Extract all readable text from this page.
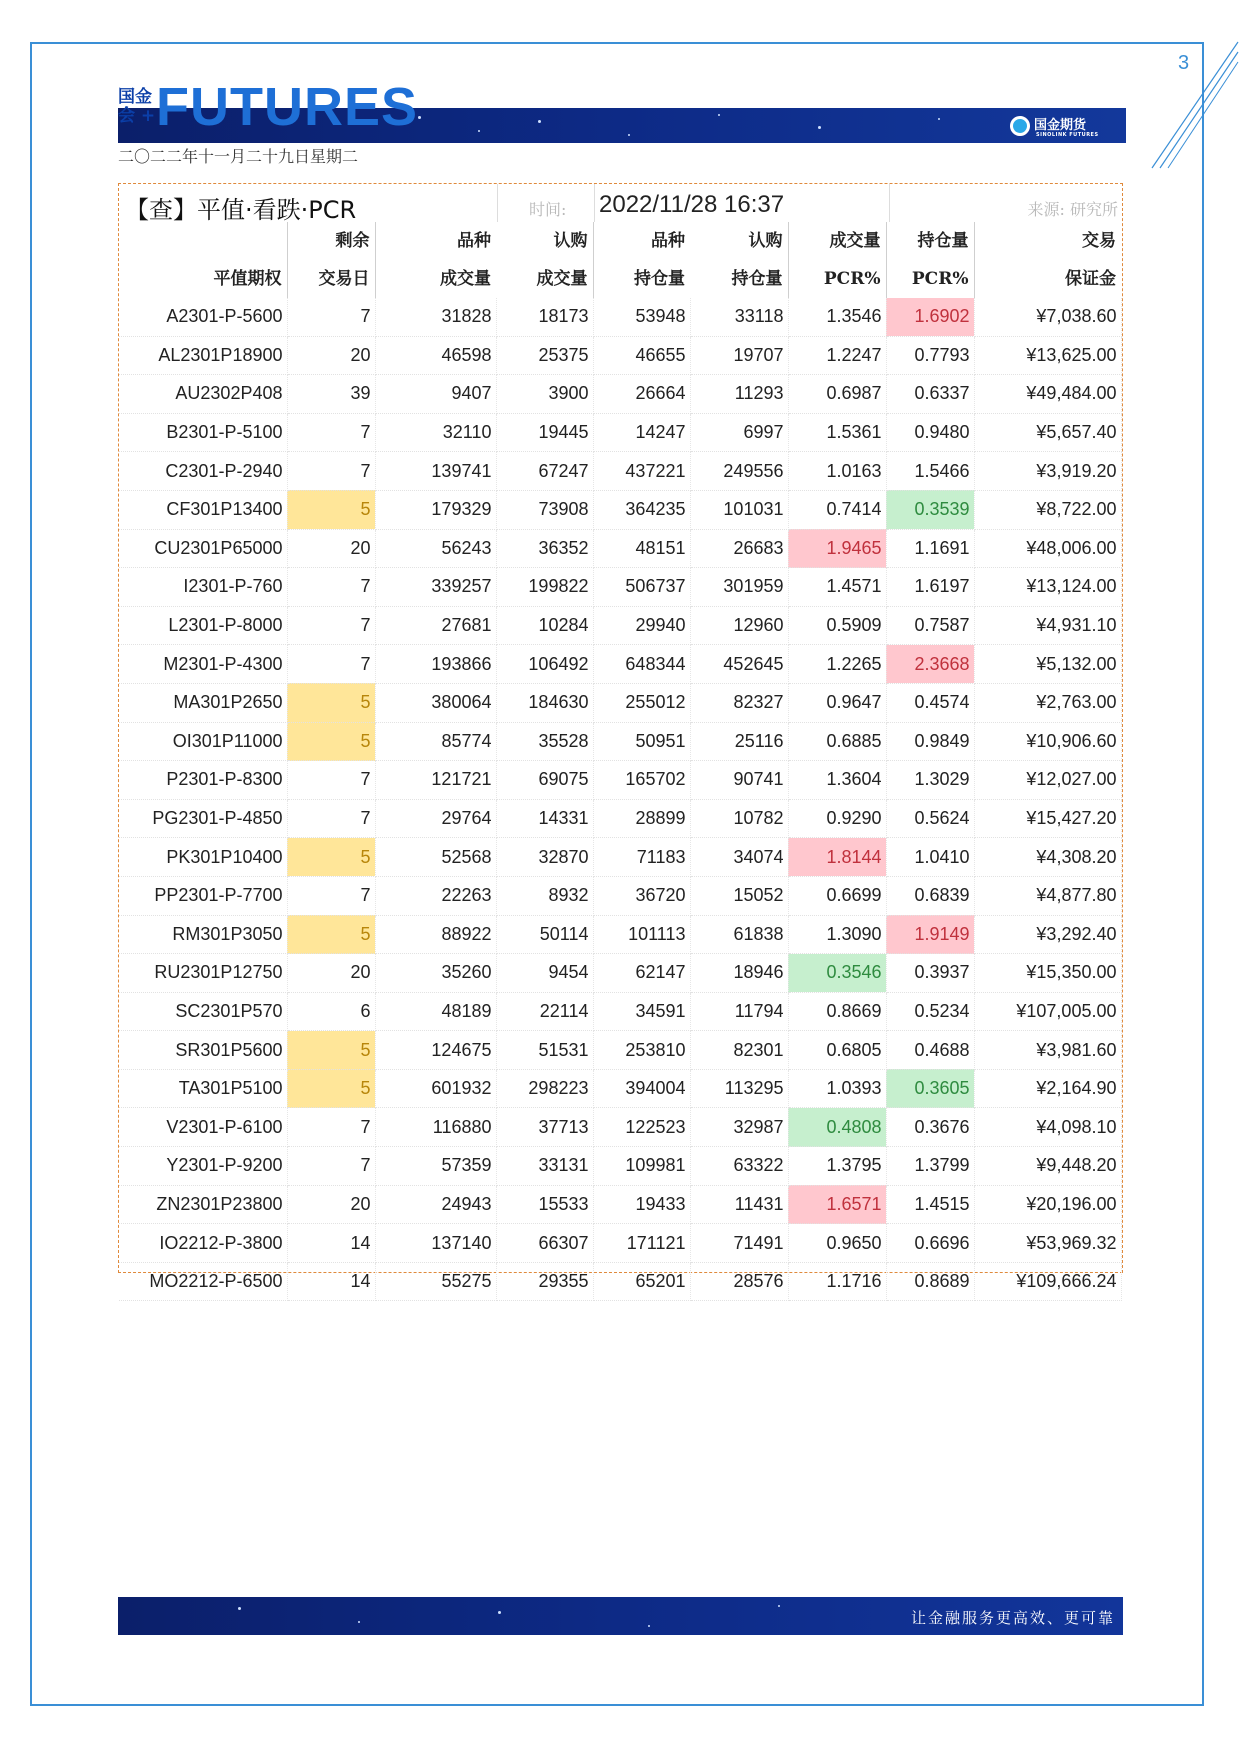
3
国金
会 + FUTURES	国金期货
SINOLINK FUTURES
二〇二二年十一月二十九日星期二
【查】平值·看跌·PCR	时间: 2022/11/28 16:37	来源: 研究所
	剩余	品种	认购	品种	认购	成交量	持仓量	交易
平值期权	交易日	成交量	成交量	持仓量	持仓量	PCR%	PCR%	保证金
A2301-P-5600	7	31828	18173	53948	33118	1.3546	1.6902	¥7,038.60
AL2301P18900	20	46598	25375	46655	19707	1.2247	0.7793	¥13,625.00
AU2302P408	39	9407	3900	26664	11293	0.6987	0.6337	¥49,484.00
B2301-P-5100	7	32110	19445	14247	6997	1.5361	0.9480	¥5,657.40
C2301-P-2940	7	139741	67247	437221	249556	1.0163	1.5466	¥3,919.20
CF301P13400	5	179329	73908	364235	101031	0.7414	0.3539	¥8,722.00
CU2301P65000	20	56243	36352	48151	26683	1.9465	1.1691	¥48,006.00
I2301-P-760	7	339257	199822	506737	301959	1.4571	1.6197	¥13,124.00
L2301-P-8000	7	27681	10284	29940	12960	0.5909	0.7587	¥4,931.10
M2301-P-4300	7	193866	106492	648344	452645	1.2265	2.3668	¥5,132.00
MA301P2650	5	380064	184630	255012	82327	0.9647	0.4574	¥2,763.00
OI301P11000	5	85774	35528	50951	25116	0.6885	0.9849	¥10,906.60
P2301-P-8300	7	121721	69075	165702	90741	1.3604	1.3029	¥12,027.00
PG2301-P-4850	7	29764	14331	28899	10782	0.9290	0.5624	¥15,427.20
PK301P10400	5	52568	32870	71183	34074	1.8144	1.0410	¥4,308.20
PP2301-P-7700	7	22263	8932	36720	15052	0.6699	0.6839	¥4,877.80
RM301P3050	5	88922	50114	101113	61838	1.3090	1.9149	¥3,292.40
RU2301P12750	20	35260	9454	62147	18946	0.3546	0.3937	¥15,350.00
SC2301P570	6	48189	22114	34591	11794	0.8669	0.5234	¥107,005.00
SR301P5600	5	124675	51531	253810	82301	0.6805	0.4688	¥3,981.60
TA301P5100	5	601932	298223	394004	113295	1.0393	0.3605	¥2,164.90
V2301-P-6100	7	116880	37713	122523	32987	0.4808	0.3676	¥4,098.10
Y2301-P-9200	7	57359	33131	109981	63322	1.3795	1.3799	¥9,448.20
ZN2301P23800	20	24943	15533	19433	11431	1.6571	1.4515	¥20,196.00
IO2212-P-3800	14	137140	66307	171121	71491	0.9650	0.6696	¥53,969.32
MO2212-P-6500	14	55275	29355	65201	28576	1.1716	0.8689	¥109,666.24
让金融服务更高效、更可靠
